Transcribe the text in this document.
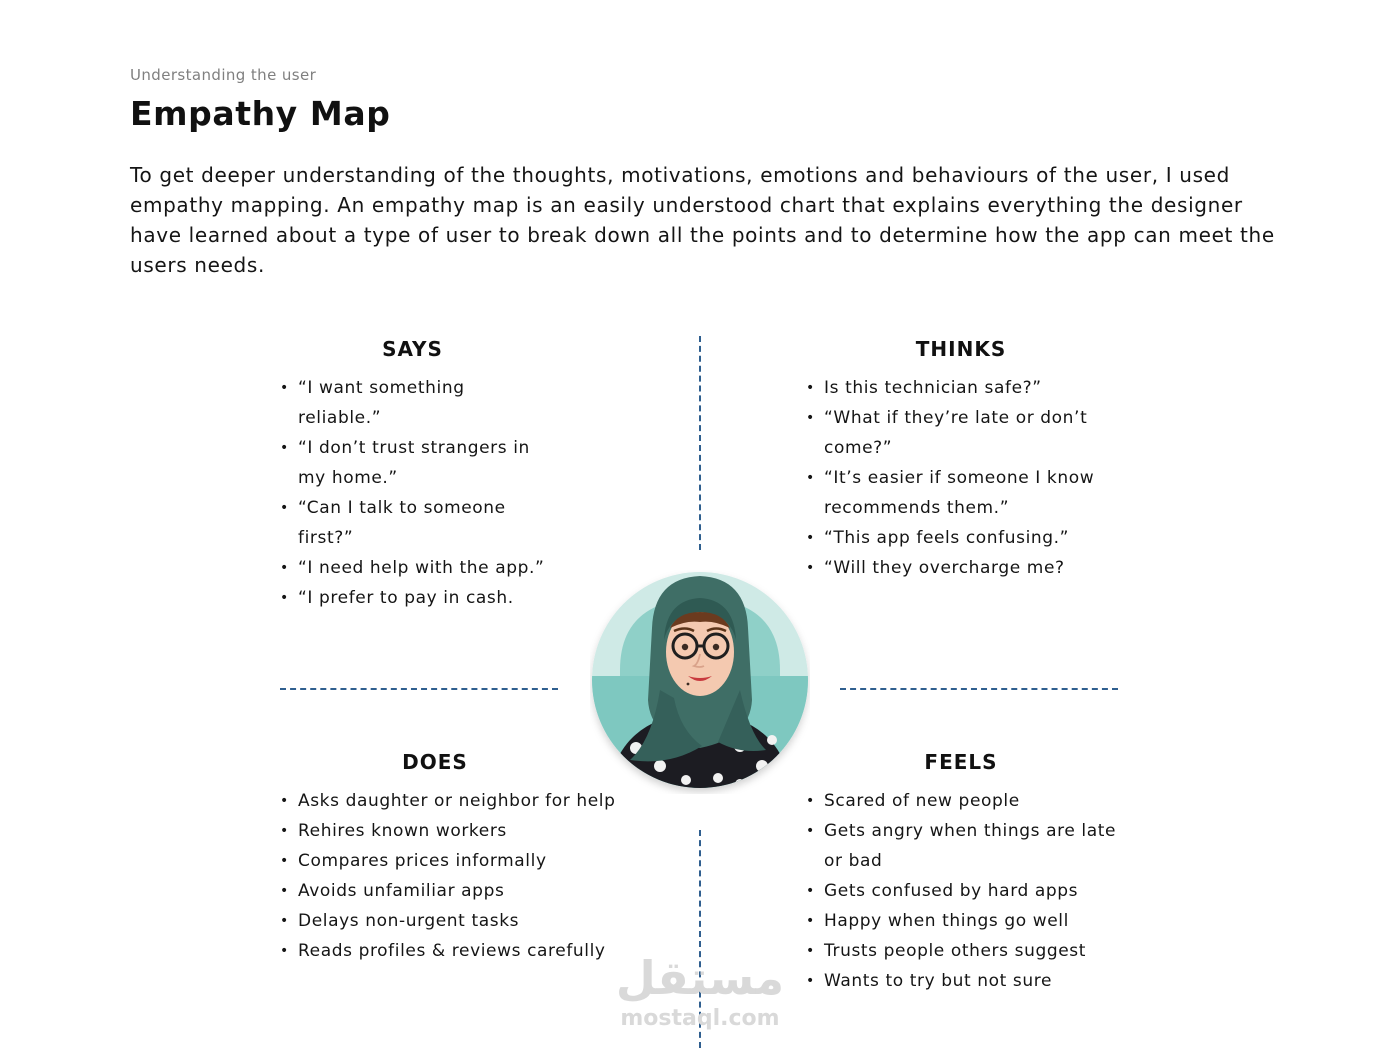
Understanding the user
Empathy Map

To get deeper understanding of the thoughts, motivations, emotions and behaviours of the user, I used empathy mapping. An empathy map is an easily understood chart that explains everything the designer have learned about a type of user to break down all the points and to determine how the app can meet the users needs.

SAYS
• “I want something reliable.”
• “I don’t trust strangers in my home.”
• “Can I talk to someone first?”
• “I need help with the app.”
• “I prefer to pay in cash.
THINKS
• Is this technician safe?”
• “What if they’re late or don’t come?”
• “It’s easier if someone I know recommends them.”
• “This app feels confusing.”
• “Will they overcharge me?
DOES
• Asks daughter or neighbor for help
• Rehires known workers
• Compares prices informally
• Avoids unfamiliar apps
• Delays non-urgent tasks
• Reads profiles & reviews carefully
FEELS
• Scared of new people
• Gets angry when things are late or bad
• Gets confused by hard apps
• Happy when things go well
• Trusts people others suggest
• Wants to try but not sure
مستقل
mostaql.com
